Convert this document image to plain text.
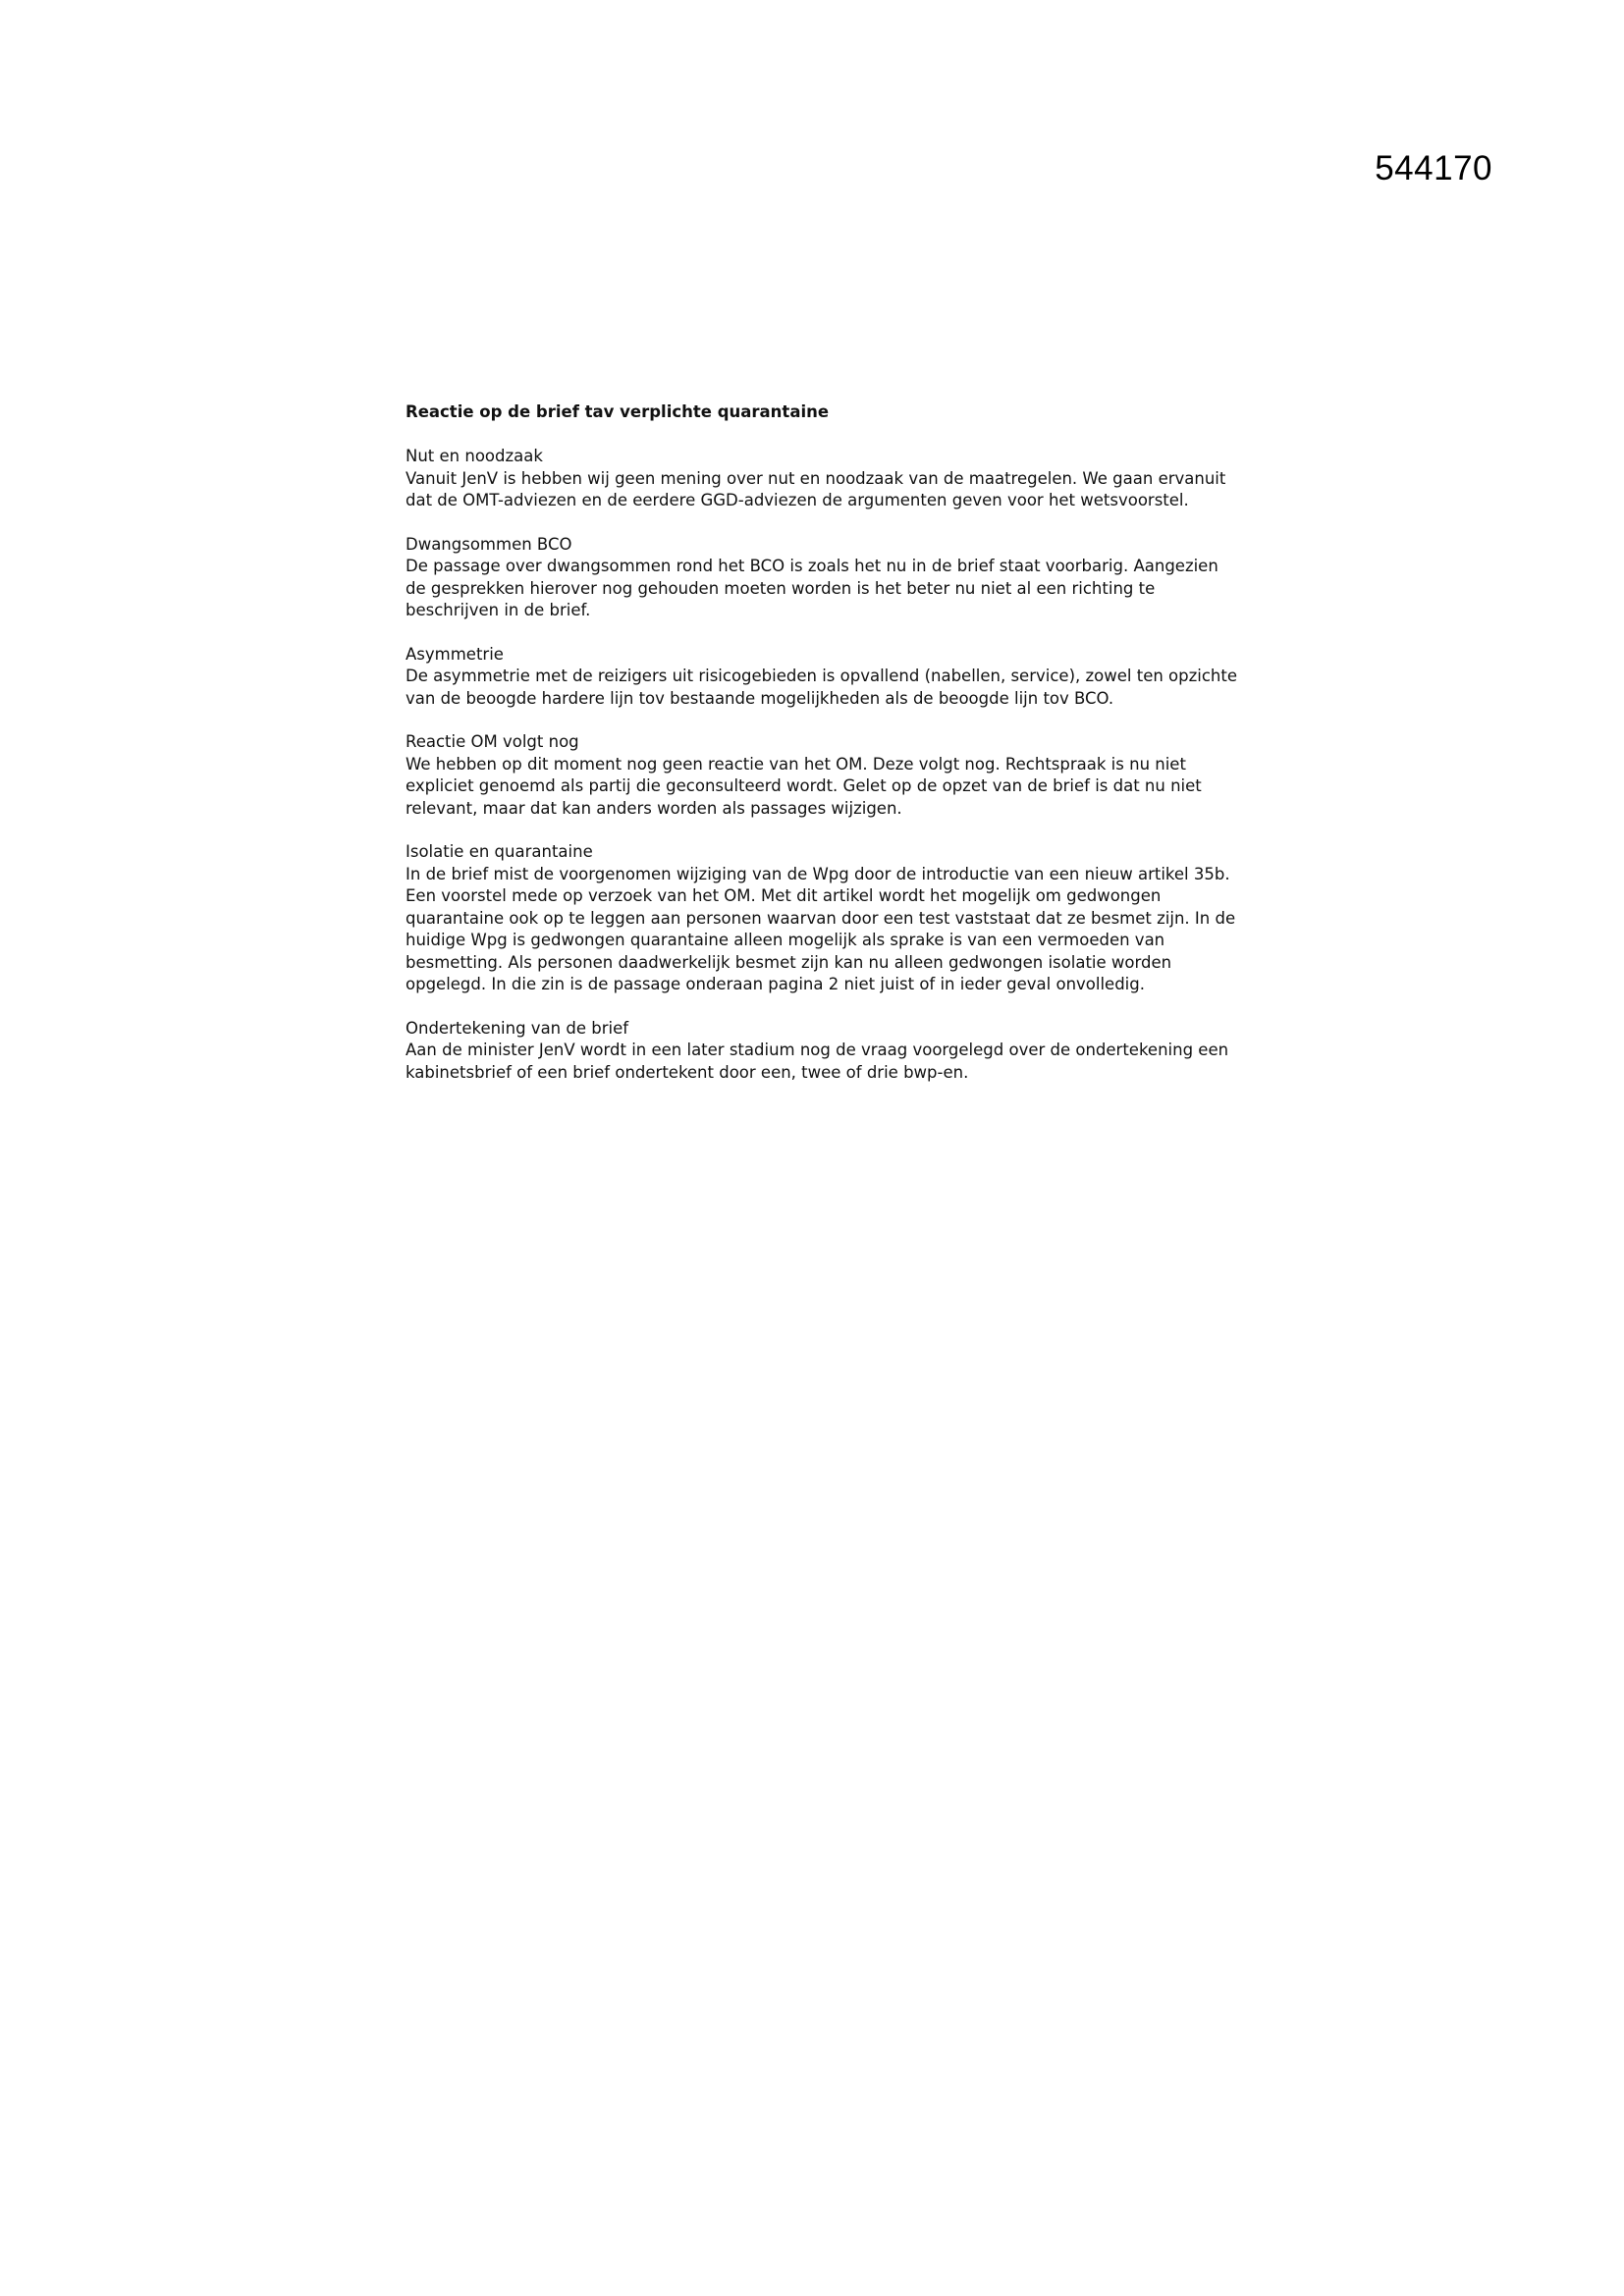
544170
Reactie op de brief tav verplichte quarantaine

Nut en noodzaak

Vanuit JenV is hebben wij geen mening over nut en noodzaak van de maatregelen. We gaan ervanuit dat de OMT-adviezen en de eerdere GGD-adviezen de argumenten geven voor het wetsvoorstel.

Dwangsommen BCO

De passage over dwangsommen rond het BCO is zoals het nu in de brief staat voorbarig. Aangezien de gesprekken hierover nog gehouden moeten worden is het beter nu niet al een richting te beschrijven in de brief.

Asymmetrie

De asymmetrie met de reizigers uit risicogebieden is opvallend (nabellen, service), zowel ten opzichte van de beoogde hardere lijn tov bestaande mogelijkheden als de beoogde lijn tov BCO.

Reactie OM volgt nog

We hebben op dit moment nog geen reactie van het OM. Deze volgt nog. Rechtspraak is nu niet expliciet genoemd als partij die geconsulteerd wordt. Gelet op de opzet van de brief is dat nu niet relevant, maar dat kan anders worden als passages wijzigen.

Isolatie en quarantaine

In de brief mist de voorgenomen wijziging van de Wpg door de introductie van een nieuw artikel 35b. Een voorstel mede op verzoek van het OM. Met dit artikel wordt het mogelijk om gedwongen quarantaine ook op te leggen aan personen waarvan door een test vaststaat dat ze besmet zijn. In de huidige Wpg is gedwongen quarantaine alleen mogelijk als sprake is van een vermoeden van besmetting. Als personen daadwerkelijk besmet zijn kan nu alleen gedwongen isolatie worden opgelegd. In die zin is de passage onderaan pagina 2 niet juist of in ieder geval onvolledig.

Ondertekening van de brief

Aan de minister JenV wordt in een later stadium nog de vraag voorgelegd over de ondertekening een kabinetsbrief of een brief ondertekent door een, twee of drie bwp-en.
